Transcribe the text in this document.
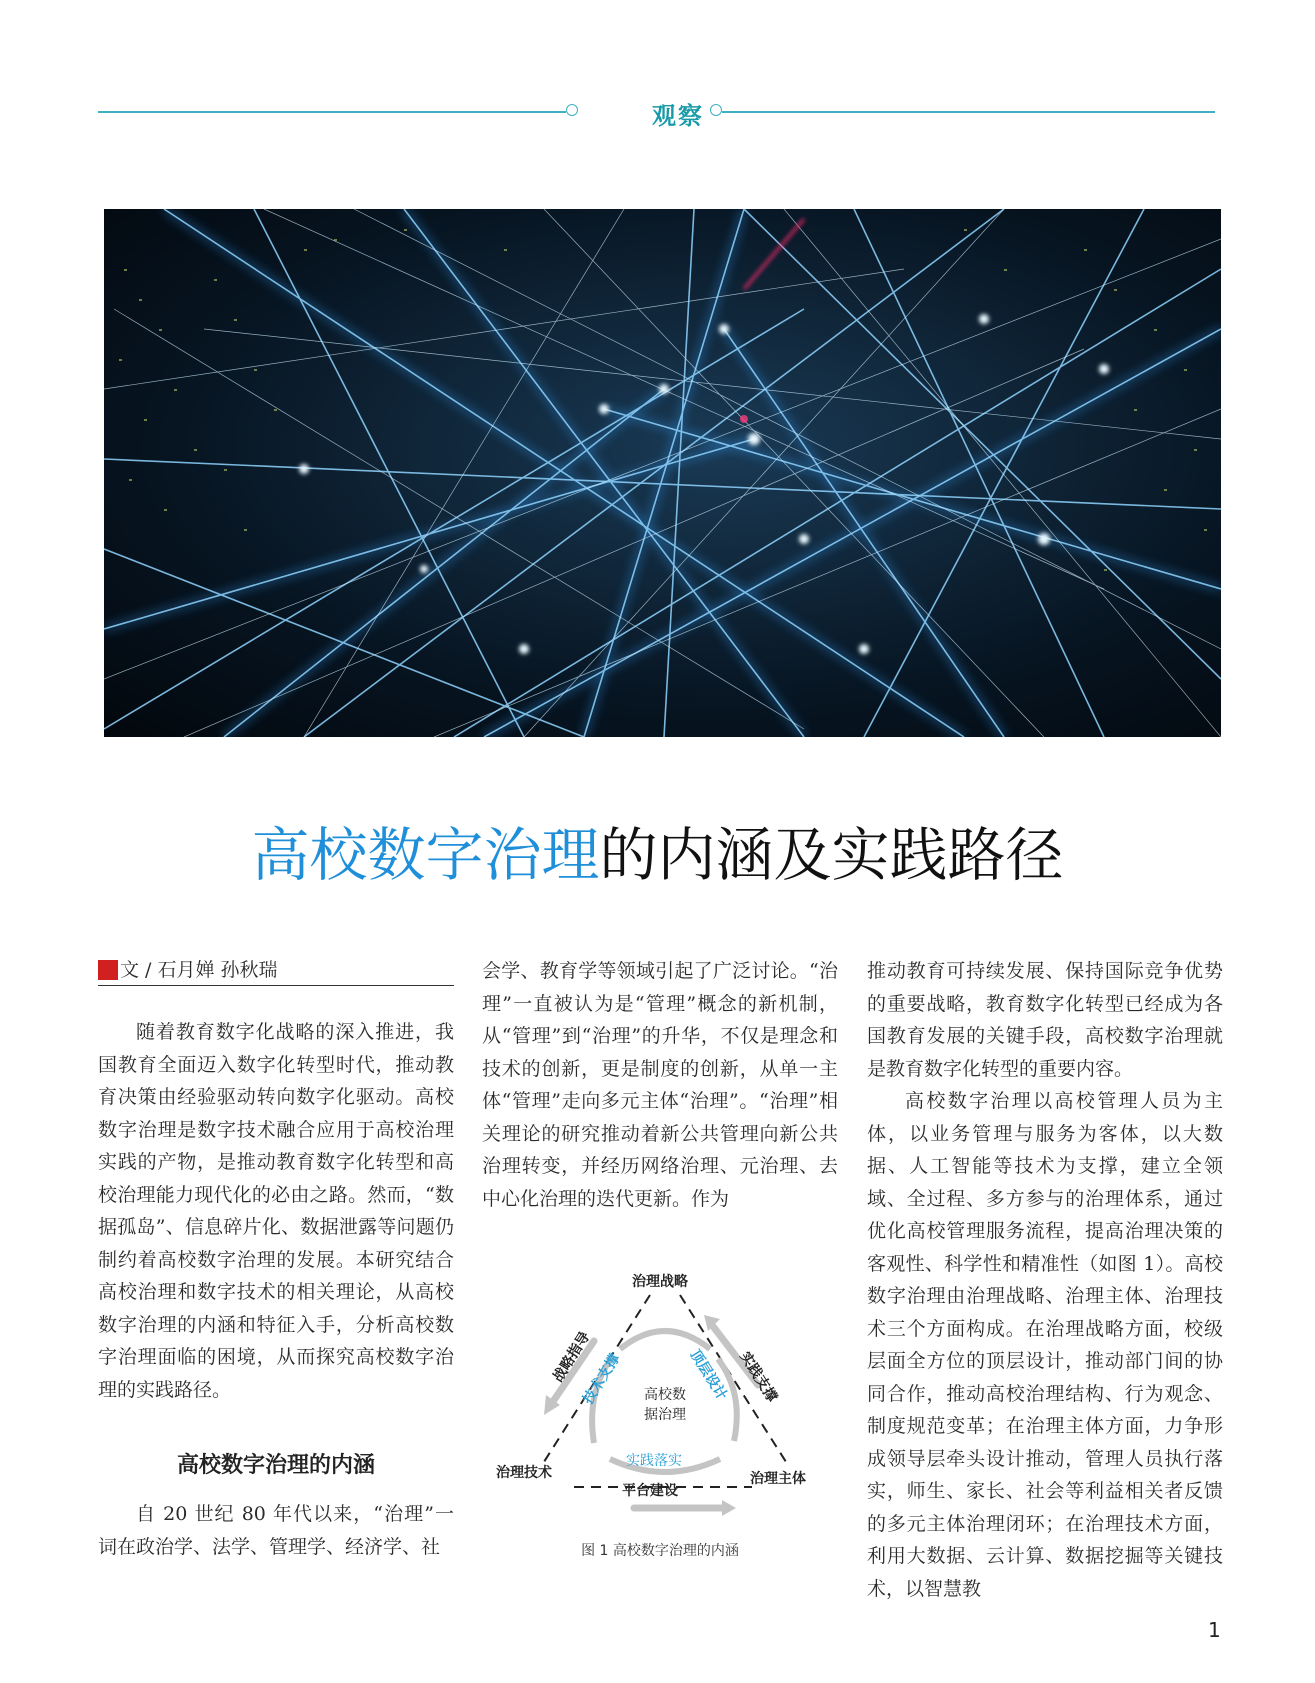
观察
高校数字治理的内涵及实践路径
文 / 石月婵 孙秋瑞

随着教育数字化战略的深入推进，我国教育全面迈入数字化转型时代，推动教育决策由经验驱动转向数字化驱动。高校数字治理是数字技术融合应用于高校治理实践的产物，是推动教育数字化转型和高校治理能力现代化的必由之路。然而，“数据孤岛”、信息碎片化、数据泄露等问题仍制约着高校数字治理的发展。本研究结合高校治理和数字技术的相关理论，从高校数字治理的内涵和特征入手，分析高校数字治理面临的困境，从而探究高校数字治理的实践路径。

高校数字治理的内涵

自 20 世纪 80 年代以来，“治理”一词在政治学、法学、管理学、经济学、社

会学、教育学等领域引起了广泛讨论。“治理”一直被认为是“管理”概念的新机制，从“管理”到“治理”的升华，不仅是理念和技术的创新，更是制度的创新，从单一主体“管理”走向多元主体“治理”。“治理”相关理论的研究推动着新公共管理向新公共治理转变，并经历网络治理、元治理、去中心化治理的迭代更新。作为

治理战略
治理技术	治理主体
平台建设
战略指导	实践支撑
技术支撑	顶层设计
实践落实
高校数
据治理
图 1 高校数字治理的内涵

推动教育可持续发展、保持国际竞争优势的重要战略，教育数字化转型已经成为各国教育发展的关键手段，高校数字治理就是教育数字化转型的重要内容。

高校数字治理以高校管理人员为主体，以业务管理与服务为客体，以大数据、人工智能等技术为支撑，建立全领域、全过程、多方参与的治理体系，通过优化高校管理服务流程，提高治理决策的客观性、科学性和精准性（如图 1）。高校数字治理由治理战略、治理主体、治理技术三个方面构成。在治理战略方面，校级层面全方位的顶层设计，推动部门间的协同合作，推动高校治理结构、行为观念、制度规范变革；在治理主体方面，力争形成领导层牵头设计推动，管理人员执行落实，师生、家长、社会等利益相关者反馈的多元主体治理闭环；在治理技术方面，利用大数据、云计算、数据挖掘等关键技术，以智慧教

1
